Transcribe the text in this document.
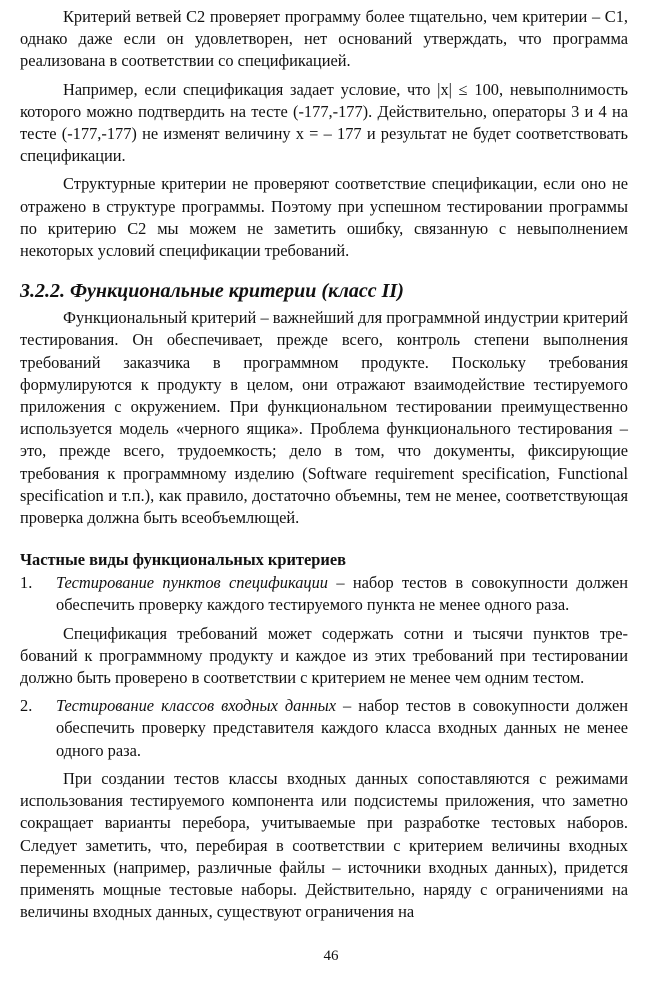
Критерий ветвей С2 проверяет программу более тщательно, чем критерии – С1, однако даже если он удовлетворен, нет оснований утверждать, что программа реализована в соответствии со спецификацией.

Например, если спецификация задает условие, что |x| ≤ 100, невыполнимость которого можно подтвердить на тесте (-177,-177). Действительно, операторы 3 и 4 на тесте (-177,-177) не изменят величину х = – 177 и результат не будет соответствовать спецификации.

Структурные критерии не проверяют соответствие спецификации, если оно не отражено в структуре программы. Поэтому при успешном тестировании программы по критерию С2 мы можем не заметить ошибку, связанную с невыполнением некоторых условий спецификации требований.

3.2.2. Функциональные критерии (класс II)

Функциональный критерий – важнейший для программной индустрии критерий тестирования. Он обеспечивает, прежде всего, контроль степени выполнения требований заказчика в программном продукте. Поскольку требования формулируются к продукту в целом, они отражают взаимодействие тестируемого приложения с окружением. При функциональном тестировании преимущественно используется модель «черного ящика». Проблема функционального тестирования – это, прежде всего, трудоемкость; дело в том, что документы, фиксирующие требования к программному изделию (Software requirement specification, Functional specification и т.п.), как правило, достаточно объемны, тем не менее, соответствующая проверка должна быть всеобъемлющей.

Частные виды функциональных критериев
1. Тестирование пунктов спецификации – набор тестов в совокупности должен обеспечить проверку каждого тестируемого пункта не менее одного раза.

Спецификация требований может содержать сотни и тысячи пунктов требований к программному продукту и каждое из этих требований при тестировании должно быть проверено в соответствии с критерием не менее чем одним тестом.

2. Тестирование классов входных данных – набор тестов в совокупности должен обеспечить проверку представителя каждого класса входных данных не менее одного раза.

При создании тестов классы входных данных сопоставляются с режимами использования тестируемого компонента или подсистемы приложения, что заметно сокращает варианты перебора, учитываемые при разработке тестовых наборов. Следует заметить, что, перебирая в соответствии с критерием величины входных переменных (например, различные файлы – источники входных данных), придется применять мощные тестовые наборы. Действительно, наряду с ограничениями на величины входных данных, существуют ограничения на

46
